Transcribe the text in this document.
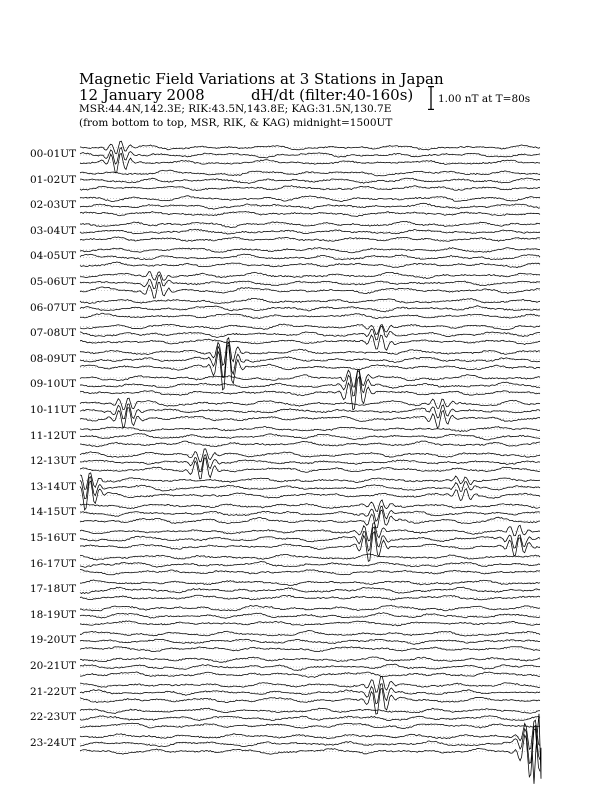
Magnetic Field Variations at 3 Stations in Japan
12 January 2008	dH/dt (filter:40-160s)
MSR:44.4N,142.3E; RIK:43.5N,143.8E; KAG:31.5N,130.7E
(from bottom to top, MSR, RIK, & KAG) midnight=1500UT
1.00 nT at T=80s
00-01UT
01-02UT
02-03UT
03-04UT
04-05UT
05-06UT
06-07UT
07-08UT
08-09UT
09-10UT
10-11UT
11-12UT
12-13UT
13-14UT
14-15UT
15-16UT
16-17UT
17-18UT
18-19UT
19-20UT
20-21UT
21-22UT
22-23UT
23-24UT
